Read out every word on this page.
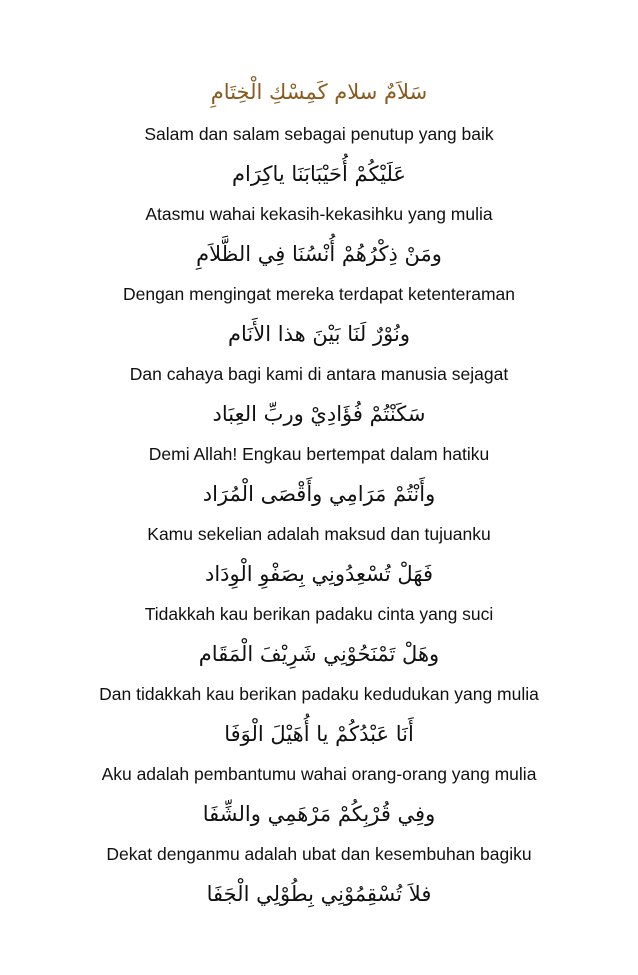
سَلاَمٌ سلام كَمِسْكِ الْخِتَامِ
Salam dan salam sebagai penutup yang baik
عَلَيْكُمْ أُحَيْبَابَنَا ياكِرَام
Atasmu wahai kekasih-kekasihku yang mulia
ومَنْ ذِكْرُهُمْ أُنْسُنَا فِي الظَّلاَمِ
Dengan mengingat mereka terdapat ketenteraman
ونُوْرٌ لَنَا بَيْنَ هذا الأَنَام
Dan cahaya bagi kami di antara manusia sejagat
سَكَنْتُمْ فُؤَادِيْ وربِّ العِبَاد
Demi Allah! Engkau bertempat dalam hatiku
وأَنْتُمْ مَرَامِي وأَقْصَى الْمُرَاد
Kamu sekelian adalah maksud dan tujuanku
فَهَلْ تُسْعِدُونِي بِصَفْوِ الْوِدَاد
Tidakkah kau berikan padaku cinta yang suci
وهَلْ تَمْنَحُوْنِي شَرِيْفَ الْمَقَام
Dan tidakkah kau berikan padaku kedudukan yang mulia
أَنَا عَبْدُكُمْ يا أُهَيْلَ الْوَفَا
Aku adalah pembantumu wahai orang-orang yang mulia
وفِي قُرْبِكُمْ مَرْهَمِي والشِّفَا
Dekat denganmu adalah ubat dan kesembuhan bagiku
فلاَ تُسْقِمُوْنِي بِطُوْلِي الْجَفَا
